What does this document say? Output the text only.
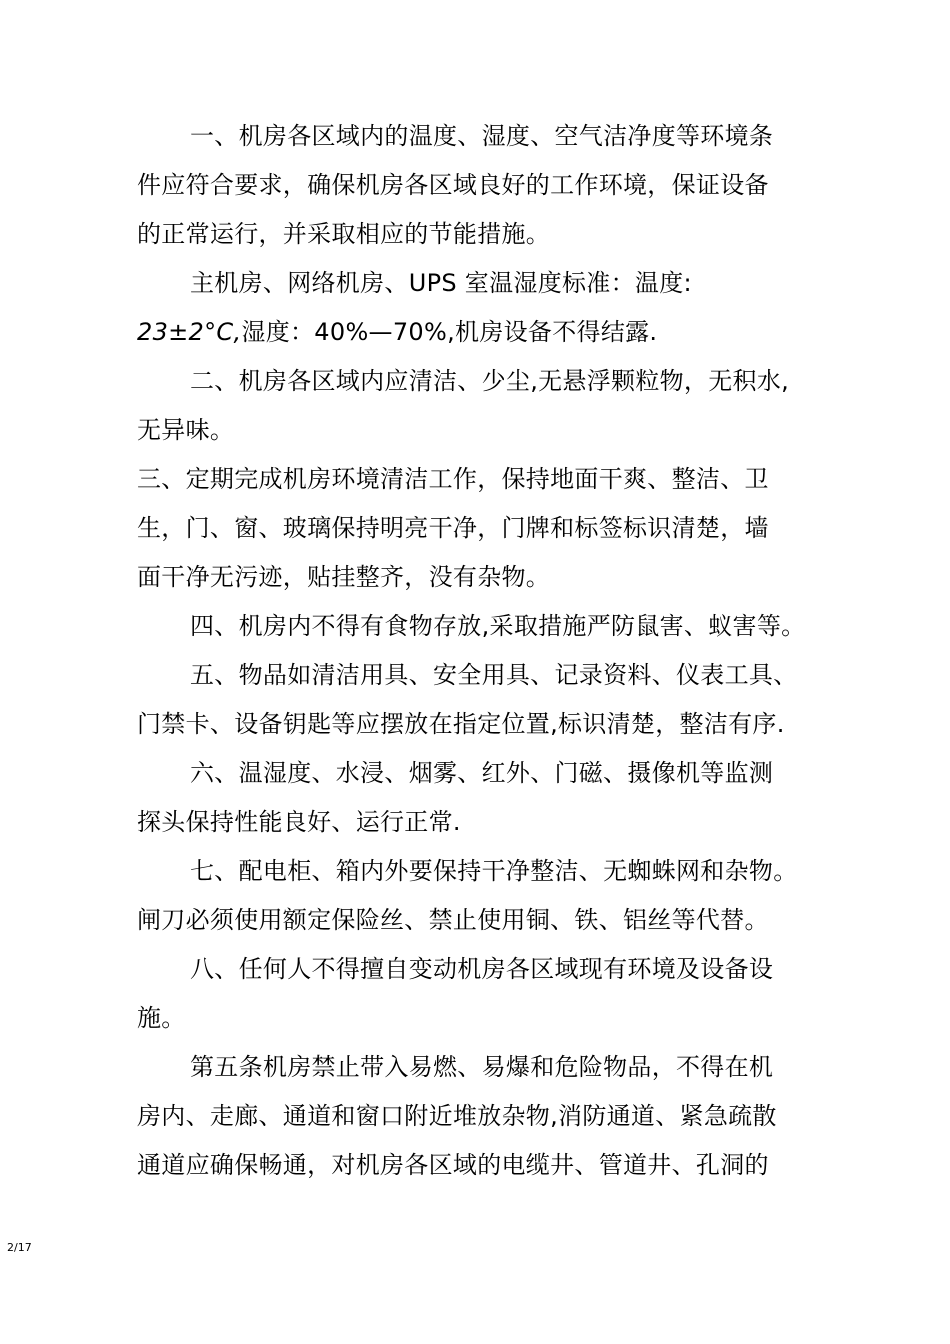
一、机房各区域内的温度、湿度、空气洁净度等环境条
件应符合要求，确保机房各区域良好的工作环境，保证设备
的正常运行，并采取相应的节能措施。
主机房、网络机房、UPS 室温湿度标准：温度:
23±2°C,湿度：40%—70%,机房设备不得结露.
二、机房各区域内应清洁、少尘,无悬浮颗粒物，无积水,
无异味。
三、定期完成机房环境清洁工作，保持地面干爽、整洁、卫
生，门、窗、玻璃保持明亮干净，门牌和标签标识清楚，墙
面干净无污迹，贴挂整齐，没有杂物。
四、机房内不得有食物存放,采取措施严防鼠害、蚁害等。
五、物品如清洁用具、安全用具、记录资料、仪表工具、
门禁卡、设备钥匙等应摆放在指定位置,标识清楚，整洁有序.
六、温湿度、水浸、烟雾、红外、门磁、摄像机等监测
探头保持性能良好、运行正常.
七、配电柜、箱内外要保持干净整洁、无蜘蛛网和杂物。
闸刀必须使用额定保险丝、禁止使用铜、铁、铝丝等代替。
八、任何人不得擅自变动机房各区域现有环境及设备设
施。
第五条机房禁止带入易燃、易爆和危险物品，不得在机
房内、走廊、通道和窗口附近堆放杂物,消防通道、紧急疏散
通道应确保畅通，对机房各区域的电缆井、管道井、孔洞的
2/17
